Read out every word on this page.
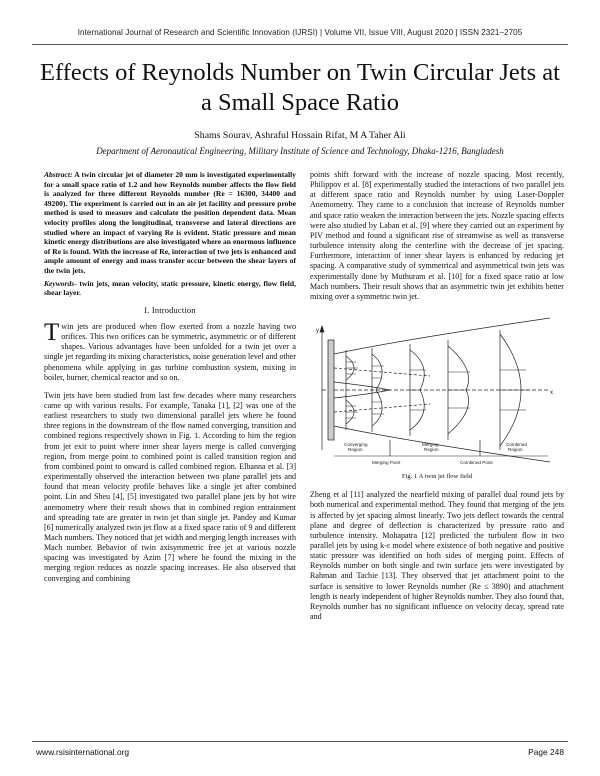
International Journal of Research and Scientific Innovation (IJRSI) | Volume VII, Issue VIII, August 2020 | ISSN 2321–2705
Effects of Reynolds Number on Twin Circular Jets at
a Small Space Ratio
Shams Sourav, Ashraful Hossain Rifat, M A Taher Ali
Department of Aeronautical Engineering, Military Institute of Science and Technology, Dhaka-1216, Bangladesh

Abstract: A twin circular jet of diameter 20 mm is investigated experimentally for a small space ratio of 1.2 and how Reynolds number affects the flow field is analyzed for three different Reynolds number (Re = 16300, 34400 and 49200). The experiment is carried out in an air jet facility and pressure probe method is used to measure and calculate the position dependent data. Mean velocity profiles along the longitudinal, transverse and lateral directions are studied where an impact of varying Re is evident. Static pressure and mean kinetic energy distributions are also investigated where an enormous influence of Re is found. With the increase of Re, interaction of two jets is enhanced and ample amount of energy and mass transfer occur between the shear layers of the twin jets.

Keywords- twin jets, mean velocity, static pressure, kinetic energy, flow field, shear layer.

I. Introduction

Twin jets are produced when flow exerted from a nozzle having two orifices. This two orifices can be symmetric, asymmetric or of different shapes. Various advantages have been unfolded for a twin jet over a single jet regarding its mixing characteristics, noise generation level and other phenomena while applying in gas turbine combustion system, mixing in boiler, burner, chemical reactor and so on.

Twin jets have been studied from last few decades where many researchers came up with various results. For example, Tanaka [1], [2] was one of the earliest researchers to study two dimensional parallel jets where he found three regions in the downstream of the flow named converging, transition and combined regions respectively shown in Fig. 1. According to him the region from jet exit to point where inner shear layers merge is called converging region, from merge point to combined point is called transition region and from combined point to onward is called combined region. Elbanna et al. [3] experimentally observed the interaction between two plane parallel jets and found that mean velocity profile behaves like a single jet after combined point. Lin and Sheu [4], [5] investigated two parallel plane jets by hot wire anemometry where their result shows that in combined region entrainment and spreading rate are greater in twin jet than single jet. Pandey and Kumar [6] numerically analyzed twin jet flow at a fixed space ratio of 9 and different Mach numbers. They noticed that jet width and merging length increases with Mach number. Behavior of twin axisymmetric free jet at various nozzle spacing was investigated by Azim [7] where he found the mixing in the merging region reduces as nozzle spacing increases. He also observed that converging and combining

points shift forward with the increase of nozzle spacing. Most recently, Philippov et al. [8] experimentally studied the interactions of two parallel jets at different space ratio and Reynolds number by using Laser-Doppler Anemometry. They came to a conclusion that increase of Reynolds number and space ratio weaken the interaction between the jets. Nozzle spacing effects were also studied by Laban et al. [9] where they carried out an experiment by PIV method and found a significant rise of streamwise as well as transverse turbulence intensity along the centerline with the decrease of jet spacing. Furthermore, interaction of inner shear layers is enhanced by reducing jet spacing. A comparative study of symmetrical and asymmetrical twin jets was experimentally done by Muthuram et al. [10] for a fixed space ratio at low Mach numbers. Their result shows that an asymmetric twin jet exhibits better mixing over a symmetric twin jet.

y
x
Converging
Region
Merging
Region
Combined
Region
Merging Point	Combined Point
Fig. 1 A twin jet flow field

Zheng et al [11] analyzed the nearfield mixing of parallel dual round jets by both numerical and experimental method. They found that merging of the jets is affected by jet spacing almost linearly. Two jets deflect towards the central plane and degree of deflection is characterized by pressure ratio and turbulence intensity. Mohapatra [12] predicted the turbulent flow in two parallel jets by using k-ε model where existence of both negative and positive static pressure was identified on both sides of merging point. Effects of Reynolds number on both single and twin surface jets were investigated by Rahman and Tachie [13]. They observed that jet attachment point to the surface is sensitive to lower Reynolds number (Re ≤ 3890) and attachment length is nearly independent of higher Reynolds number. They also found that, Reynolds number has no significant influence on velocity decay, spread rate and

www.rsisinternational.org	Page 248
